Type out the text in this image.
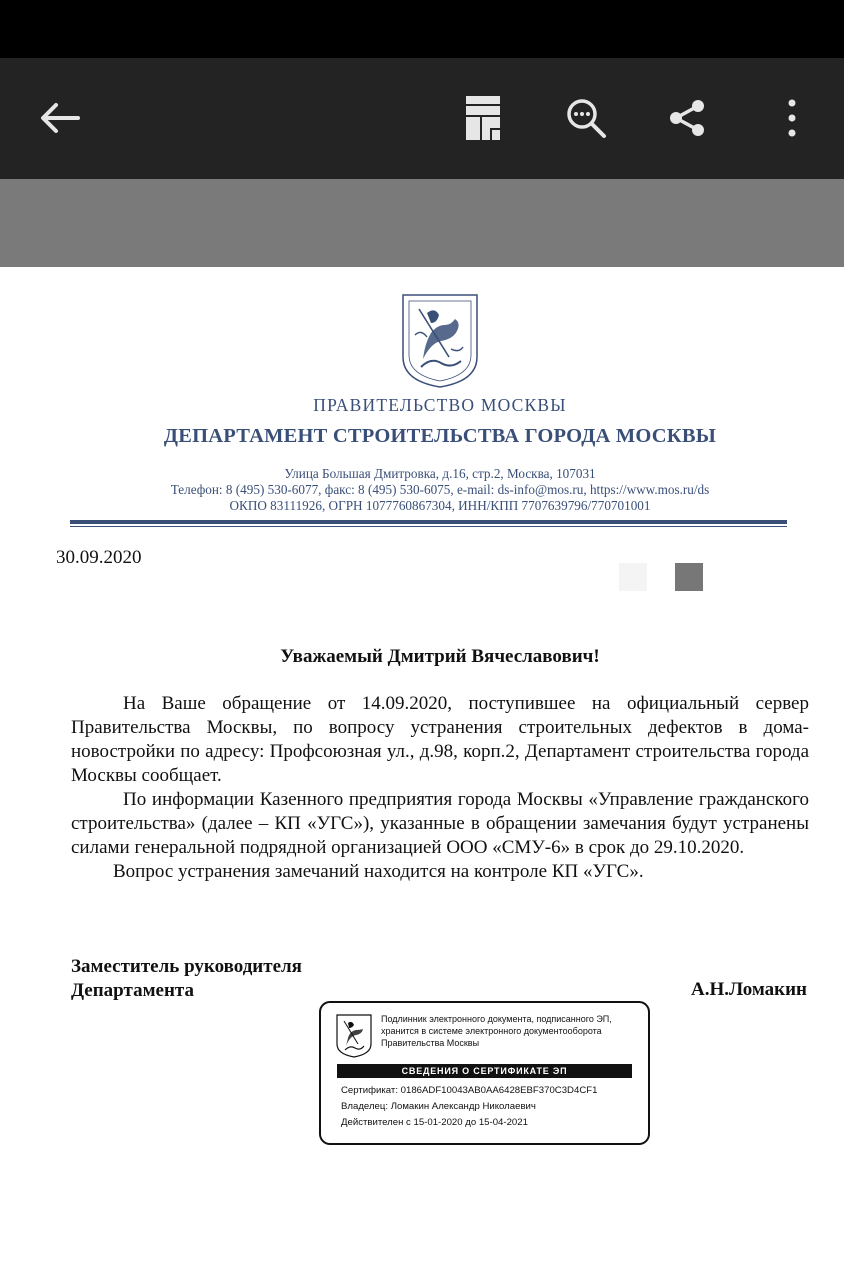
ПРАВИТЕЛЬСТВО МОСКВЫ
ДЕПАРТАМЕНТ СТРОИТЕЛЬСТВА ГОРОДА МОСКВЫ
Улица Большая Дмитровка, д.16, стр.2, Москва, 107031
Телефон: 8 (495) 530-6077, факс: 8 (495) 530-6075, e-mail: ds-info@mos.ru, https://www.mos.ru/ds
ОКПО 83111926, ОГРН 1077760867304, ИНН/КПП 7707639796/770701001
30.09.2020
Уважаемый Дмитрий Вячеславович!
На Ваше обращение от 14.09.2020, поступившее на официальный сервер Правительства Москвы, по вопросу устранения строительных дефектов в дома-новостройки по адресу: Профсоюзная ул., д.98, корп.2, Департамент строительства города Москвы сообщает.
По информации Казенного предприятия города Москвы «Управление гражданского строительства» (далее – КП «УГС»), указанные в обращении замечания будут устранены силами генеральной подрядной организацией ООО «СМУ-6» в срок до 29.10.2020.
Вопрос устранения замечаний находится на контроле КП «УГС».
Заместитель руководителя
Департамента	А.Н.Ломакин
Подлинник электронного документа, подписанного ЭП,
хранится в системе электронного документооборота
Правительства Москвы
СВЕДЕНИЯ О СЕРТИФИКАТЕ ЭП
Сертификат: 0186ADF10043AB0AA6428EBF370C3D4CF1
Владелец: Ломакин Александр Николаевич
Действителен с 15-01-2020 до 15-04-2021
